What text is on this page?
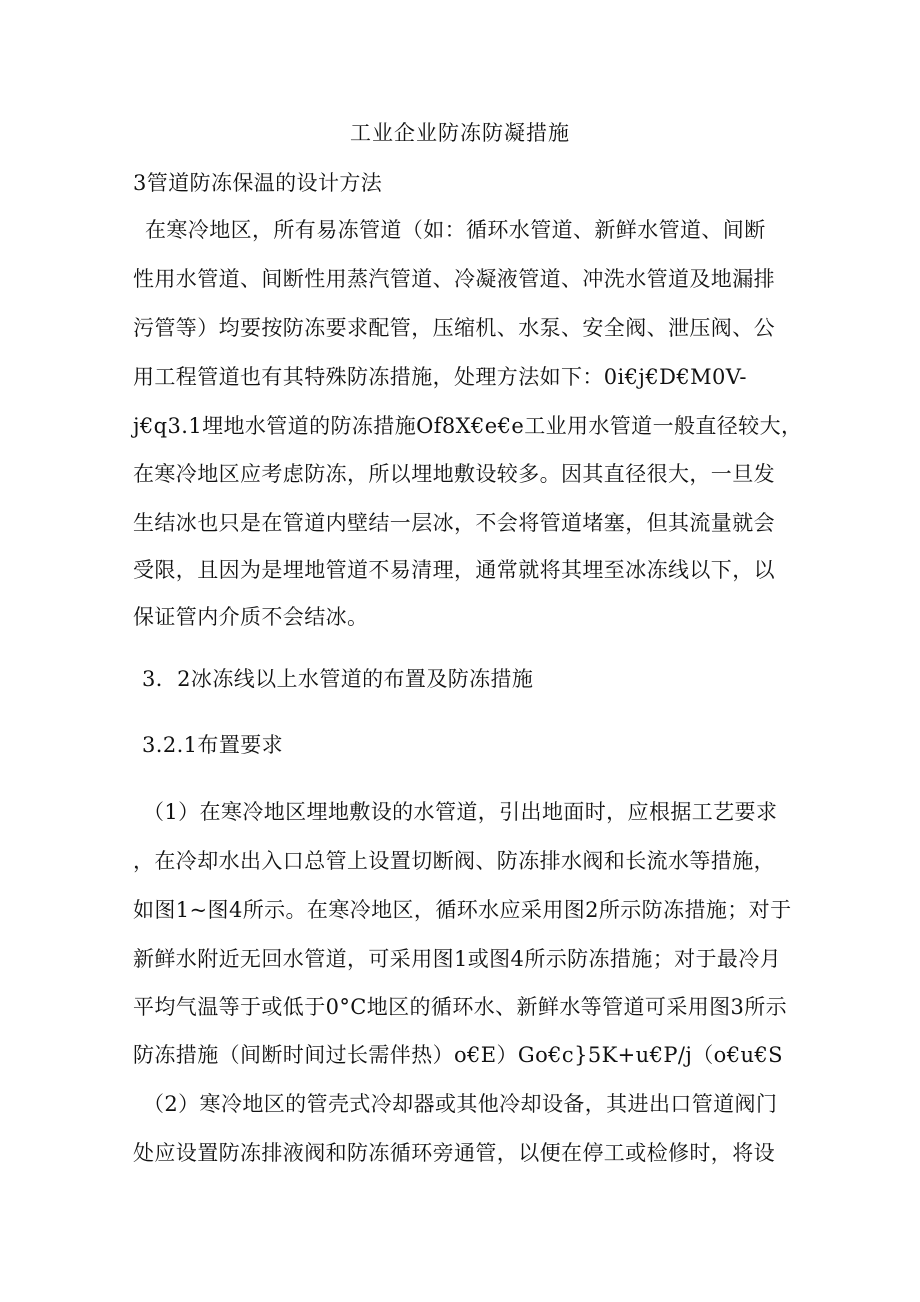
工业企业防冻防凝措施
3管道防冻保温的设计方法
在寒冷地区，所有易冻管道（如：循环水管道、新鲜水管道、间断
性用水管道、间断性用蒸汽管道、冷凝液管道、冲洗水管道及地漏排
污管等）均要按防冻要求配管，压缩机、水泵、安全阀、泄压阀、公
用工程管道也有其特殊防冻措施，处理方法如下：0i€j€D€M0V-
j€q3.1埋地水管道的防冻措施Of8X€e€e工业用水管道一般直径较大，
在寒冷地区应考虑防冻，所以埋地敷设较多。因其直径很大，一旦发
生结冰也只是在管道内壁结一层冰，不会将管道堵塞，但其流量就会
受限，且因为是埋地管道不易清理，通常就将其埋至冰冻线以下，以
保证管内介质不会结冰。
3．2冰冻线以上水管道的布置及防冻措施
3.2.1布置要求
（1）在寒冷地区埋地敷设的水管道，引出地面时，应根据工艺要求
，在冷却水出入口总管上设置切断阀、防冻排水阀和长流水等措施，
如图1~图4所示。在寒冷地区，循环水应采用图2所示防冻措施；对于
新鲜水附近无回水管道，可采用图1或图4所示防冻措施；对于最冷月
平均气温等于或低于0°C地区的循环水、新鲜水等管道可采用图3所示
防冻措施（间断时间过长需伴热）o€E）Go€c}5K+u€P/j（o€u€S
（2）寒冷地区的管壳式冷却器或其他冷却设备，其进出口管道阀门
处应设置防冻排液阀和防冻循环旁通管，以便在停工或检修时，将设
